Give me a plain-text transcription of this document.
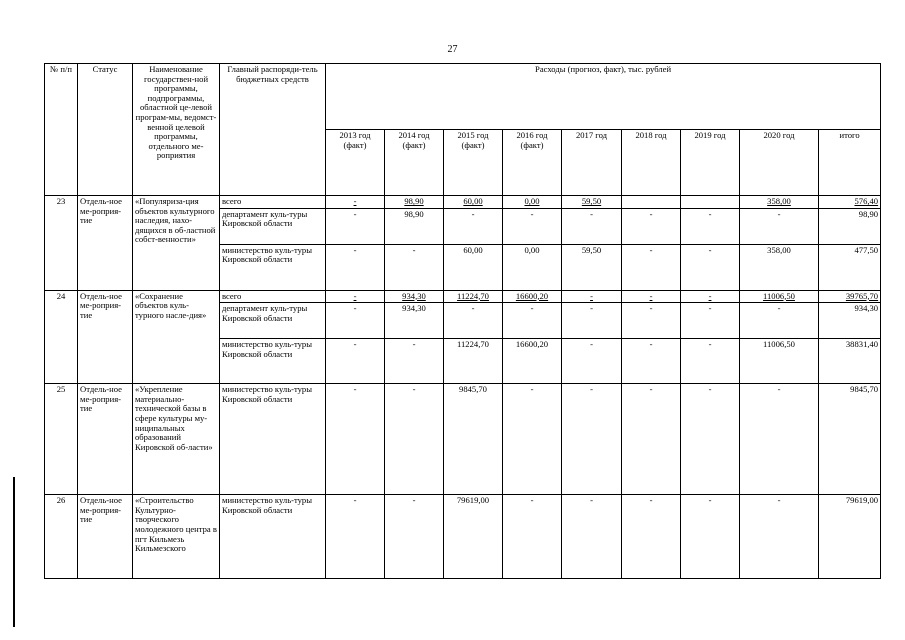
27
№ п/п	Статус	Наименование государствен-ной программы, подпрограммы, областной це-левой програм-мы, ведомст-венной целевой программы, отдельного ме-роприятия	Главный распоряди-тель бюджетных средств	Расходы (прогноз, факт), тыс. рублей								
				2013 год (факт)	2014 год (факт)	2015 год (факт)	2016 год (факт)	2017 год	2018 год	2019 год	2020 год	итого
23	Отдель-ное ме-роприя-тие	«Популяриза-ция объектов культурного наследия, нахо-дящихся в об-ластной собст-венности»	всего	-	98,90	60,00	0,00	59,50			358,00	576,40
			департамент куль-туры Кировской области	-	98,90	-	-	-	-	-	-	98,90
			министерство куль-туры Кировской области	-	-	60,00	0,00	59,50	-	-	358,00	477,50
24	Отдель-ное ме-роприя-тие	«Сохранение объектов куль-турного насле-дия»	всего	-	934,30	11224,70	16600,20	-	-	-	11006,50	39765,70
			департамент куль-туры Кировской области	-	934,30	-	-	-	-	-	-	934,30
			министерство куль-туры Кировской области	-	-	11224,70	16600,20	-	-	-	11006,50	38831,40
25	Отдель-ное ме-роприя-тие	«Укрепление материально-технической базы в сфере культуры му-ниципальных образований Кировской об-ласти»	министерство куль-туры Кировской области	-	-	9845,70	-	-	-	-	-	9845,70
26	Отдель-ное ме-роприя-тие	«Строительство Культурно-творческого молодежного центра в пгт Кильмезь Кильмезского	министерство куль-туры Кировской области	-	-	79619,00	-	-	-	-	-	79619,00
